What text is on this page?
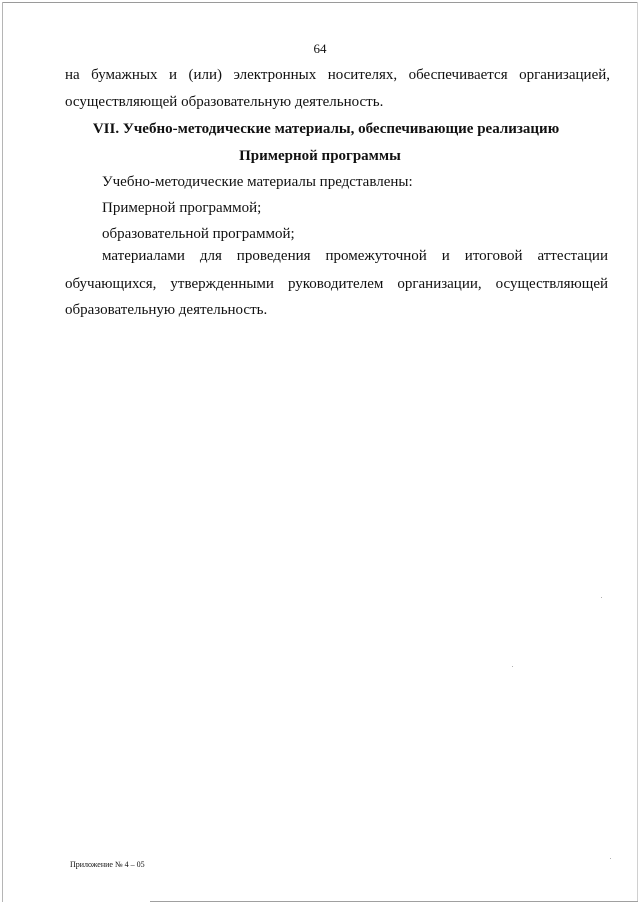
64
на бумажных и (или) электронных носителях, обеспечивается организацией,
осуществляющей образовательную деятельность.
VII. Учебно-методические материалы, обеспечивающие реализацию
Примерной программы
Учебно-методические материалы представлены:
Примерной программой;
образовательной программой;
материалами для проведения промежуточной и итоговой аттестации
обучающихся, утвержденными руководителем организации, осуществляющей
образовательную деятельность.
Приложение № 4 – 05
